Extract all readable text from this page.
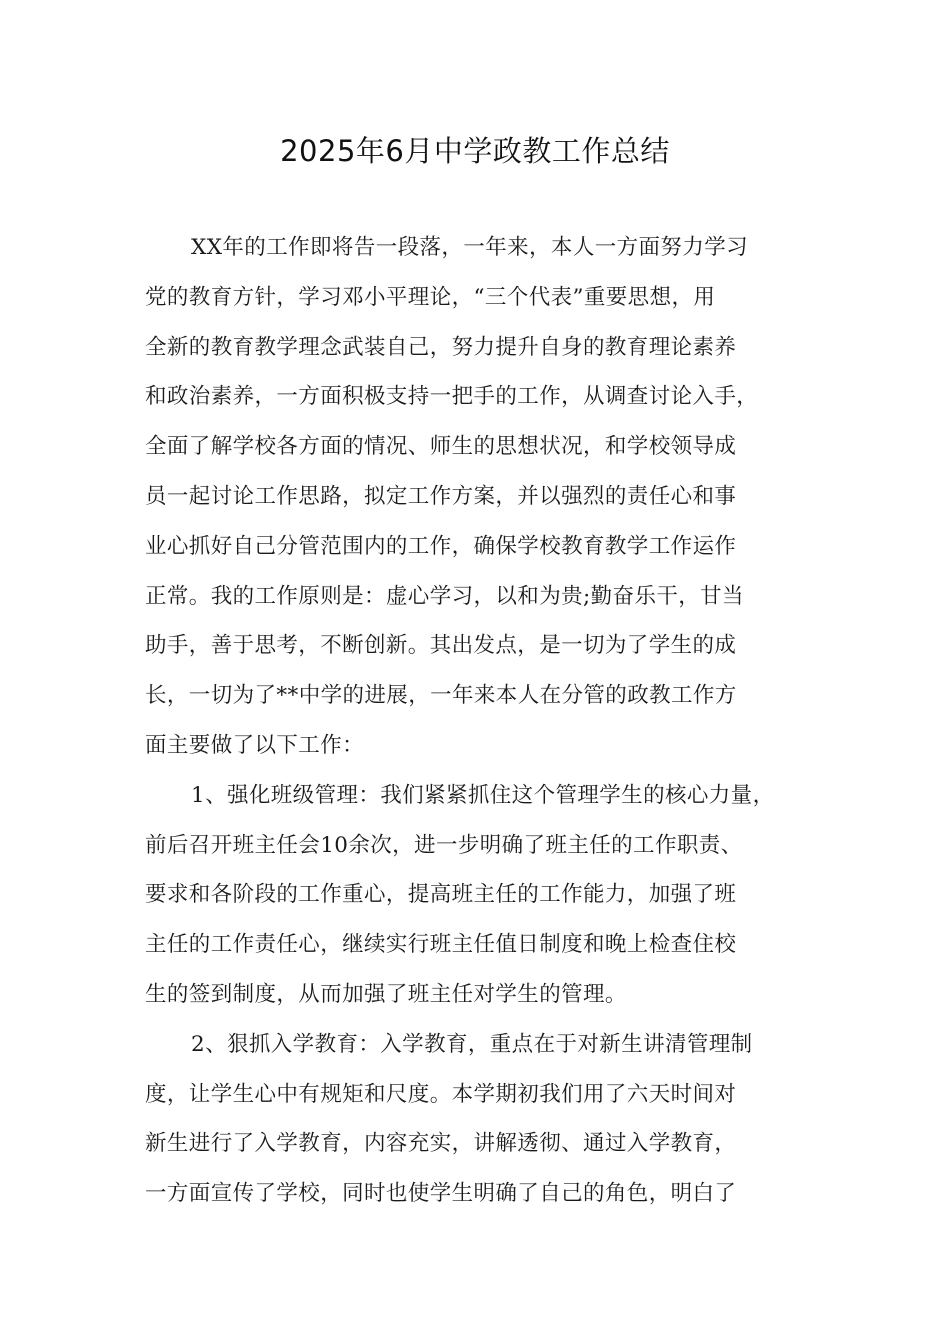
2025年6月中学政教工作总结
XX年的工作即将告一段落，一年来，本人一方面努力学习
党的教育方针，学习邓小平理论，“三个代表”重要思想，用
全新的教育教学理念武装自己，努力提升自身的教育理论素养
和政治素养，一方面积极支持一把手的工作，从调查讨论入手，
全面了解学校各方面的情况、师生的思想状况，和学校领导成
员一起讨论工作思路，拟定工作方案，并以强烈的责任心和事
业心抓好自己分管范围内的工作，确保学校教育教学工作运作
正常。我的工作原则是：虚心学习，以和为贵;勤奋乐干，甘当
助手，善于思考，不断创新。其出发点，是一切为了学生的成
长，一切为了**中学的进展，一年来本人在分管的政教工作方
面主要做了以下工作：
1、强化班级管理：我们紧紧抓住这个管理学生的核心力量，
前后召开班主任会10余次，进一步明确了班主任的工作职责、
要求和各阶段的工作重心，提高班主任的工作能力，加强了班
主任的工作责任心，继续实行班主任值日制度和晚上检查住校
生的签到制度，从而加强了班主任对学生的管理。
2、狠抓入学教育：入学教育，重点在于对新生讲清管理制
度，让学生心中有规矩和尺度。本学期初我们用了六天时间对
新生进行了入学教育，内容充实，讲解透彻、通过入学教育，
一方面宣传了学校，同时也使学生明确了自己的角色，明白了
